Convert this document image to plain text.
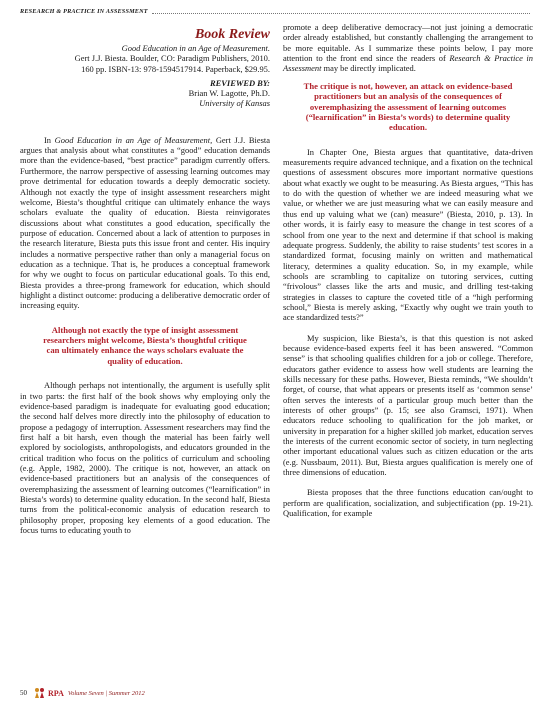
RESEARCH & PRACTICE IN ASSESSMENT
Book Review
Good Education in an Age of Measurement.
Gert J.J. Biesta. Boulder, CO: Paradigm Publishers, 2010.
160 pp. ISBN-13: 978-1594517914. Paperback, $29.95.
REVIEWED BY:
Brian W. Lagotte, Ph.D.
University of Kansas

In Good Education in an Age of Measurement, Gert J.J. Biesta argues that analysis about what constitutes a “good” education demands more than the evidence-based, “best practice” paradigm currently offers. Furthermore, the narrow perspective of assessing learning outcomes may prove detrimental for education towards a deeply democratic society. Although not exactly the type of insight assessment researchers might welcome, Biesta’s thoughtful critique can ultimately enhance the ways scholars evaluate the quality of education. Biesta reinvigorates discussions about what constitutes a good education, specifically the purpose of education. Concerned about a lack of attention to purposes in the research literature, Biesta puts this issue front and center. His inquiry includes a normative perspective rather than only a managerial focus on education as a technique. That is, he produces a conceptual framework for why we ought to focus on particular educational goals. To this end, Biesta provides a three-prong framework for education, which should highlight a distinct outcome: producing a deliberative democratic order of increasing equity.

Although not exactly the type of insight assessment researchers might welcome, Biesta’s thoughtful critique can ultimately enhance the ways scholars evaluate the quality of education.

Although perhaps not intentionally, the argument is usefully split in two parts: the first half of the book shows why employing only the evidence-based paradigm is inadequate for evaluating good education; the second half delves more directly into the philosophy of education to propose a pedagogy of interruption. Assessment researchers may find the first half a bit harsh, even though the material has been fairly well explored by sociologists, anthropologists, and educators grounded in the critical tradition who focus on the politics of curriculum and schooling (e.g. Apple, 1982, 2000). The critique is not, however, an attack on evidence-based practitioners but an analysis of the consequences of overemphasizing the assessment of learning outcomes (“learnification” in Biesta’s words) to determine quality education. In the second half, Biesta turns from the political-economic analysis of education research to philosophy proper, proposing key elements of a good education. The focus turns to educating youth to

promote a deep deliberative democracy—not just joining a democratic order already established, but constantly challenging the arrangement to be more equitable. As I summarize these points below, I pay more attention to the front end since the readers of Research & Practice in Assessment may be directly implicated.

The critique is not, however, an attack on evidence-based practitioners but an analysis of the consequences of overemphasizing the assessment of learning outcomes (“learnification” in Biesta’s words) to determine quality education.

In Chapter One, Biesta argues that quantitative, data-driven measurements require advanced technique, and a fixation on the technical questions of assessment obscures more important normative questions about what exactly we ought to be measuring. As Biesta argues, “This has to do with the question of whether we are indeed measuring what we value, or whether we are just measuring what we can easily measure and thus end up valuing what we (can) measure” (Biesta, 2010, p. 13). In other words, it is fairly easy to measure the change in test scores of a school from one year to the next and determine if that school is making adequate progress. Suddenly, the ability to raise students’ test scores in a standardized format, focusing mainly on written and mathematical literacy, determines a quality education. So, in my example, while schools are scrambling to capitalize on tutoring services, cutting “frivolous” classes like the arts and music, and drilling test-taking strategies in classes to capture the coveted title of a “high performing school,” Biesta is merely asking, “Exactly why ought we train youth to ace standardized tests?”

My suspicion, like Biesta’s, is that this question is not asked because evidence-based experts feel it has been answered. “Common sense” is that schooling qualifies children for a job or college. Therefore, educators gather evidence to assess how well students are learning the skills necessary for these paths. However, Biesta reminds, “We shouldn’t forget, of course, that what appears or presents itself as ‘common sense’ often serves the interests of a particular group much better than the interests of other groups” (p. 15; see also Gramsci, 1971). When educators reduce schooling to qualification for the job market, or university in preparation for a higher skilled job market, education serves the interests of the current economic sector of society, in turn neglecting other important educational values such as citizen education or the arts (e.g. Nussbaum, 2011). But, Biesta argues qualification is merely one of three dimensions of education.

Biesta proposes that the three functions education can/ought to perform are qualification, socialization, and subjectification (pp. 19-21). Qualification, for example

50	RPA Volume Seven | Summer 2012
